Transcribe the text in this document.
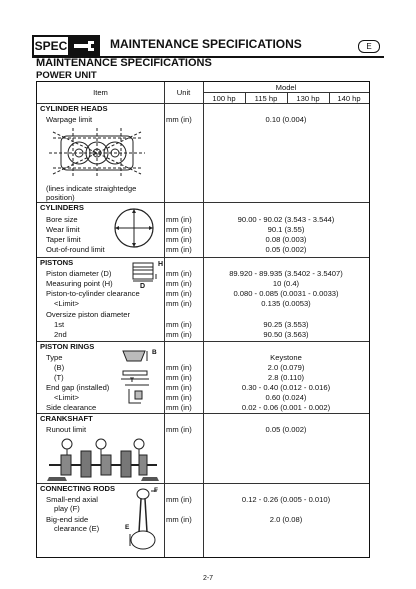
SPEC	MAINTENANCE SPECIFICATIONS	E
MAINTENANCE SPECIFICATIONS
POWER UNIT
Item	Unit
Model
100 hp	115 hp	130 hp	140 hp
CYLINDER HEADS
Warpage limit	mm (in)	0.10 (0.004)
(lines indicate straightedge
position)
CYLINDERS
Bore size	mm (in)	90.00 - 90.02 (3.543 - 3.544)
Wear limit	mm (in)	90.1 (3.55)
Taper limit	mm (in)	0.08 (0.003)
Out-of-round limit	mm (in)	0.05 (0.002)
PISTONS
Piston diameter (D)	mm (in)	89.920 - 89.935 (3.5402 - 3.5407)
Measuring point (H)	mm (in)	10 (0.4)
Piston-to-cylinder clearance	mm (in)	0.080 - 0.085 (0.0031 - 0.0033)
<Limit>	mm (in)	0.135 (0.0053)
Oversize piston diameter
1st	mm (in)	90.25 (3.553)
2nd	mm (in)	90.50 (3.563)
H
D
PISTON RINGS
Type	Keystone
(B)	mm (in)	2.0 (0.079)
(T)	mm (in)	2.8 (0.110)
End gap (installed)	mm (in)	0.30 - 0.40 (0.012 - 0.016)
<Limit>	mm (in)	0.60 (0.024)
Side clearance	mm (in)	0.02 - 0.06 (0.001 - 0.002)
B
T
CRANKSHAFT
Runout limit	mm (in)	0.05 (0.002)
CONNECTING RODS
Small-end axial
play (F)
mm (in)	0.12 - 0.26 (0.005 - 0.010)
Big-end side
clearance (E)
mm (in)	2.0 (0.08)
F
E
2-7
